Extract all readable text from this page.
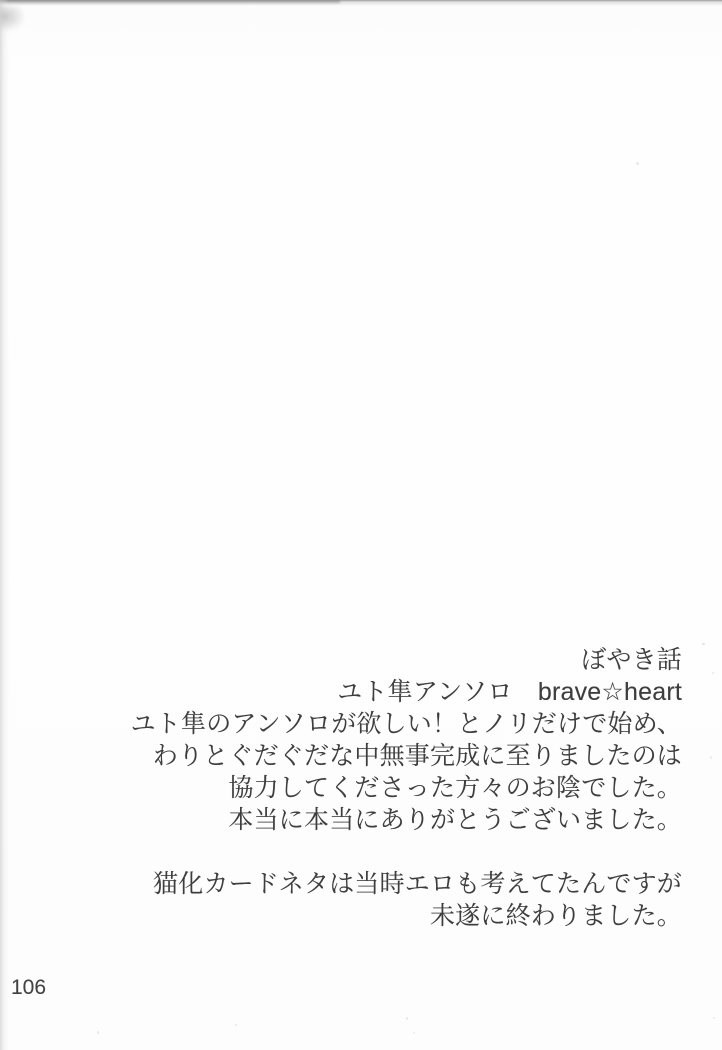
ぼやき話
ユト隼アンソロ　brave☆heart
ユト隼のアンソロが欲しい！とノリだけで始め、
わりとぐだぐだな中無事完成に至りましたのは
協力してくださった方々のお陰でした。
本当に本当にありがとうございました。
猫化カードネタは当時エロも考えてたんですが
未遂に終わりました。
106
